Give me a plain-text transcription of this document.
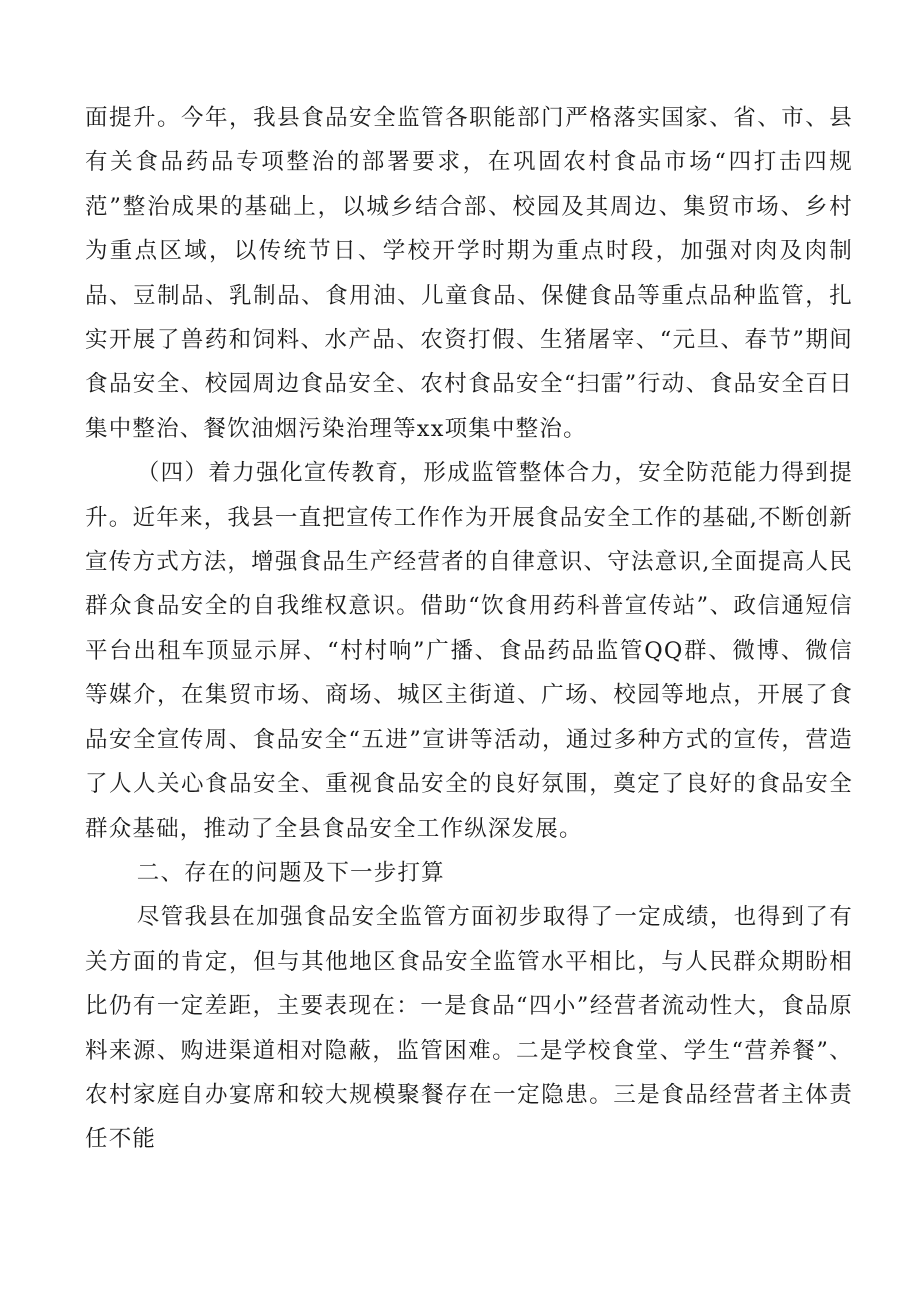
面提升。今年，我县食品安全监管各职能部门严格落实国家、省、市、县有关食品药品专项整治的部署要求，在巩固农村食品市场“四打击四规范”整治成果的基础上，以城乡结合部、校园及其周边、集贸市场、乡村为重点区域，以传统节日、学校开学时期为重点时段，加强对肉及肉制品、豆制品、乳制品、食用油、儿童食品、保健食品等重点品种监管，扎实开展了兽药和饲料、水产品、农资打假、生猪屠宰、“元旦、春节”期间食品安全、校园周边食品安全、农村食品安全“扫雷”行动、食品安全百日集中整治、餐饮油烟污染治理等xx项集中整治。

（四）着力强化宣传教育，形成监管整体合力，安全防范能力得到提升。近年来，我县一直把宣传工作作为开展食品安全工作的基础,不断创新宣传方式方法，增强食品生产经营者的自律意识、守法意识,全面提高人民群众食品安全的自我维权意识。借助“饮食用药科普宣传站”、政信通短信平台出租车顶显示屏、“村村响”广播、食品药品监管QQ群、微博、微信等媒介，在集贸市场、商场、城区主街道、广场、校园等地点，开展了食品安全宣传周、食品安全“五进”宣讲等活动，通过多种方式的宣传，营造了人人关心食品安全、重视食品安全的良好氛围，奠定了良好的食品安全群众基础，推动了全县食品安全工作纵深发展。

二、存在的问题及下一步打算

尽管我县在加强食品安全监管方面初步取得了一定成绩，也得到了有关方面的肯定，但与其他地区食品安全监管水平相比，与人民群众期盼相比仍有一定差距，主要表现在：一是食品“四小”经营者流动性大，食品原料来源、购进渠道相对隐蔽，监管困难。二是学校食堂、学生“营养餐”、农村家庭自办宴席和较大规模聚餐存在一定隐患。三是食品经营者主体责任不能
